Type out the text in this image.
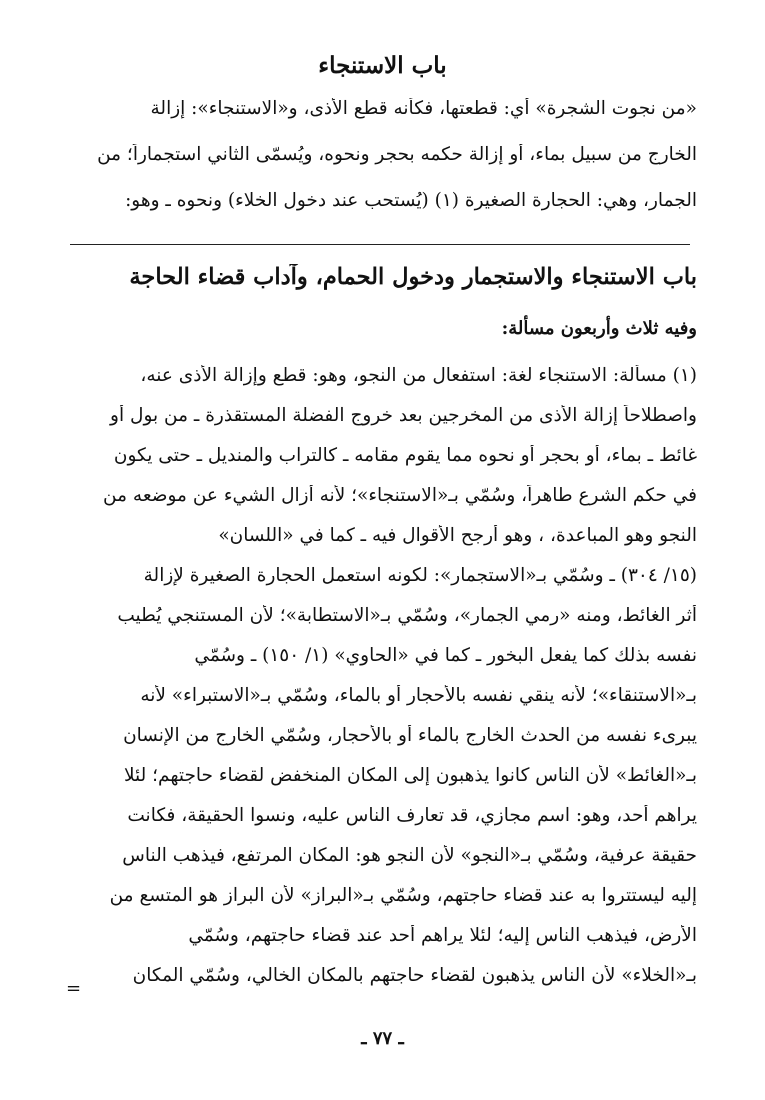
باب الاستنجاء
«من نجوت الشجرة» أي: قطعتها، فكأنه قطع الأذى، و«الاستنجاء»: إزالة
الخارج من سبيل بماء، أو إزالة حكمه بحجر ونحوه، ويُسمّى الثاني استجماراً؛ من
الجمار، وهي: الحجارة الصغيرة (١) (يُستحب عند دخول الخلاء) ونحوه ـ وهو:
باب الاستنجاء والاستجمار ودخول الحمام، وآداب قضاء الحاجة
وفيه ثلاث وأربعون مسألة:
(١) مسألة: الاستنجاء لغة: استفعال من النجو، وهو: قطع وإزالة الأذى عنه،
واصطلاحاً إزالة الأذى من المخرجين بعد خروج الفضلة المستقذرة ـ من بول أو
غائط ـ بماء، أو بحجر أو نحوه مما يقوم مقامه ـ كالتراب والمنديل ـ حتى يكون
في حكم الشرع طاهراً، وسُمّي بـ«الاستنجاء»؛ لأنه أزال الشيء عن موضعه من
النجو وهو المباعدة، ، وهو أرجح الأقوال فيه ـ كما في «اللسان»
(١٥/ ٣٠٤) ـ وسُمّي بـ«الاستجمار»: لكونه استعمل الحجارة الصغيرة لإزالة
أثر الغائط، ومنه «رمي الجمار»، وسُمّي بـ«الاستطابة»؛ لأن المستنجي يُطيب
نفسه بذلك كما يفعل البخور ـ كما في «الحاوي» (١/ ١٥٠) ـ وسُمّي
بـ«الاستنقاء»؛ لأنه ينقي نفسه بالأحجار أو بالماء، وسُمّي بـ«الاستبراء» لأنه
يبرىء نفسه من الحدث الخارج بالماء أو بالأحجار، وسُمّي الخارج من الإنسان
بـ«الغائط» لأن الناس كانوا يذهبون إلى المكان المنخفض لقضاء حاجتهم؛ لئلا
يراهم أحد، وهو: اسم مجازي، قد تعارف الناس عليه، ونسوا الحقيقة، فكانت
حقيقة عرفية، وسُمّي بـ«النجو» لأن النجو هو: المكان المرتفع، فيذهب الناس
إليه ليستتروا به عند قضاء حاجتهم، وسُمّي بـ«البراز» لأن البراز هو المتسع من
الأرض، فيذهب الناس إليه؛ لئلا يراهم أحد عند قضاء حاجتهم، وسُمّي
بـ«الخلاء» لأن الناس يذهبون لقضاء حاجتهم بالمكان الخالي، وسُمّي المكان
=
ـ ٧٧ ـ
